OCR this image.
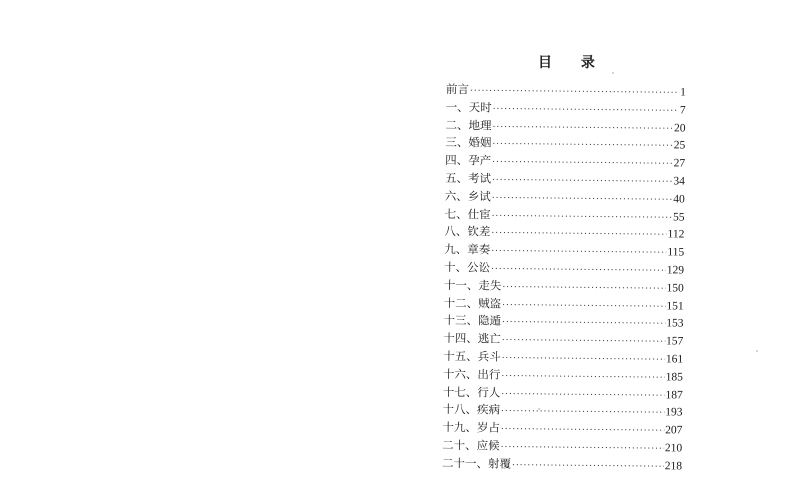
目 录
前言 ·····	1
一、天时 ·····	7
二、地理 ·····	20
三、婚姻 ·····	25
四、孕产 ·····	27
五、考试 ·····	34
六、乡试 ·····	40
七、仕宦 ·····	55
八、钦差 ·····	112
九、章奏 ·····	115
十、公讼 ·····	129
十一、走失 ·····	150
十二、贼盗 ·····	151
十三、隐遁 ·····	153
十四、逃亡 ·····	157
十五、兵斗 ·····	161
十六、出行 ·····	185
十七、行人 ·····	187
十八、疾病 ·····	193
十九、岁占 ·····	207
二十、应候 ·····	210
二十一、射覆 ·····	218
